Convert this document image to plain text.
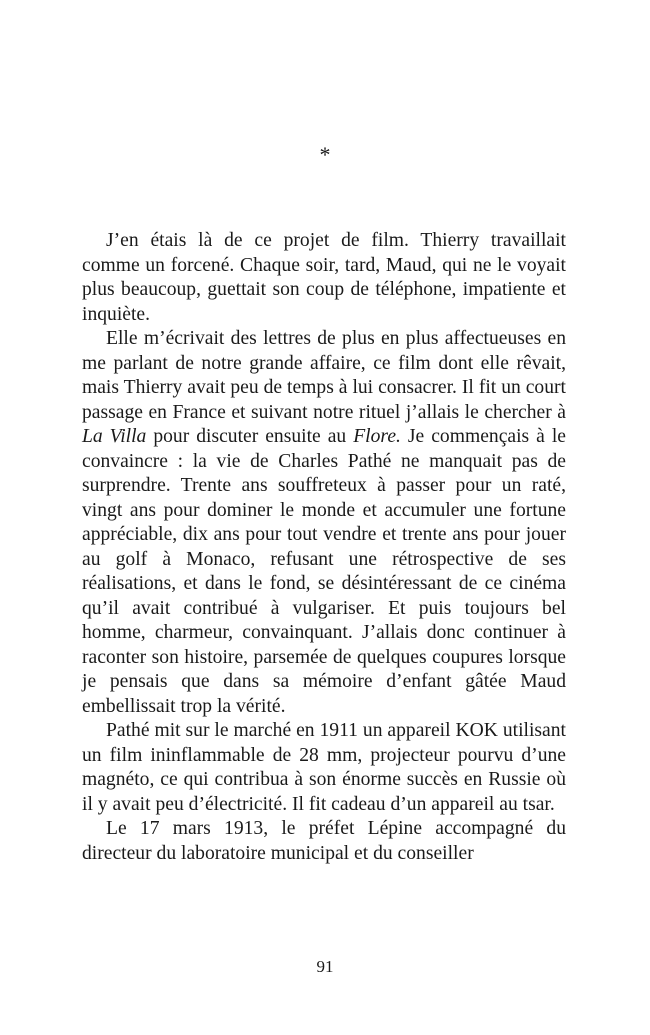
*

J’en étais là de ce projet de film. Thierry travaillait comme un forcené. Chaque soir, tard, Maud, qui ne le voyait plus beaucoup, guettait son coup de téléphone, impatiente et inquiète.

Elle m’écrivait des lettres de plus en plus affectueuses en me parlant de notre grande affaire, ce film dont elle rêvait, mais Thierry avait peu de temps à lui consacrer. Il fit un court passage en France et suivant notre rituel j’allais le chercher à La Villa pour discuter ensuite au Flore. Je commençais à le convaincre : la vie de Charles Pathé ne manquait pas de surprendre. Trente ans souffreteux à passer pour un raté, vingt ans pour dominer le monde et accumuler une fortune appréciable, dix ans pour tout vendre et trente ans pour jouer au golf à Monaco, refusant une rétrospective de ses réalisations, et dans le fond, se désintéressant de ce cinéma qu’il avait contribué à vulgariser. Et puis toujours bel homme, charmeur, convainquant. J’allais donc continuer à raconter son histoire, parsemée de quelques coupures lorsque je pensais que dans sa mémoire d’enfant gâtée Maud embellissait trop la vérité.

Pathé mit sur le marché en 1911 un appareil KOK utilisant un film ininflammable de 28 mm, projecteur pourvu d’une magnéto, ce qui contribua à son énorme succès en Russie où il y avait peu d’électricité. Il fit cadeau d’un appareil au tsar.

Le 17 mars 1913, le préfet Lépine accompagné du directeur du laboratoire municipal et du conseiller

91
